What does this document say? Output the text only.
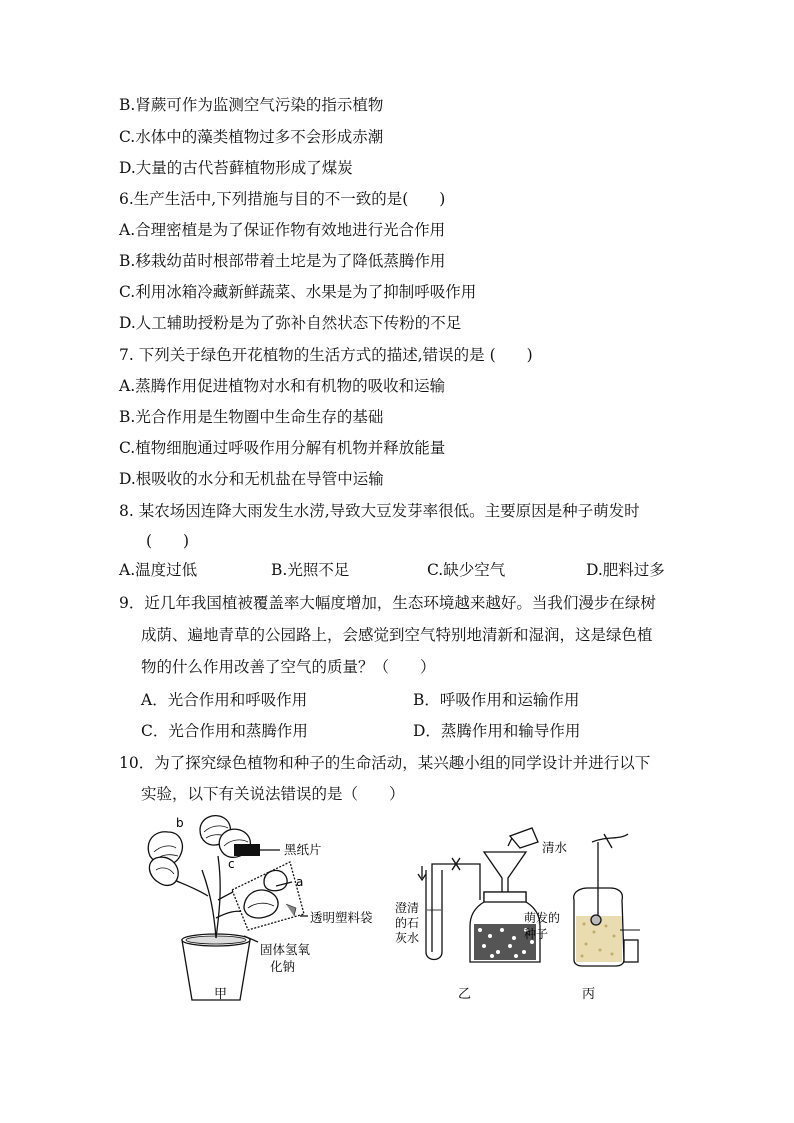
B.肾蕨可作为监测空气污染的指示植物
C.水体中的藻类植物过多不会形成赤潮
D.大量的古代苔藓植物形成了煤炭
6.生产生活中,下列措施与目的不一致的是(　　)
A.合理密植是为了保证作物有效地进行光合作用
B.移栽幼苗时根部带着土坨是为了降低蒸腾作用
C.利用冰箱冷藏新鲜蔬菜、水果是为了抑制呼吸作用
D.人工辅助授粉是为了弥补自然状态下传粉的不足
7. 下列关于绿色开花植物的生活方式的描述,错误的是 (　　)
A.蒸腾作用促进植物对水和有机物的吸收和运输
B.光合作用是生物圈中生命生存的基础
C.植物细胞通过呼吸作用分解有机物并释放能量
D.根吸收的水分和无机盐在导管中运输
8. 某农场因连降大雨发生水涝,导致大豆发芽率很低。主要原因是种子萌发时
(　　)
A.温度过低	B.光照不足	C.缺少空气	D.肥料过多
9．近几年我国植被覆盖率大幅度增加，生态环境越来越好。当我们漫步在绿树
成荫、遍地青草的公园路上，会感觉到空气特别地清新和湿润，这是绿色植
物的什么作用改善了空气的质量？（　　）
A．光合作用和呼吸作用	B．呼吸作用和运输作用
C．光合作用和蒸腾作用	D．蒸腾作用和输导作用
10．为了探究绿色植物和种子的生命活动，某兴趣小组的同学设计并进行以下
实验，以下有关说法错误的是（　　）
b
c
a
黑纸片
透明塑料袋
固体氢氧
化钠
甲
清水
澄清
的石
灰水
乙
萌发的
种子
丙
